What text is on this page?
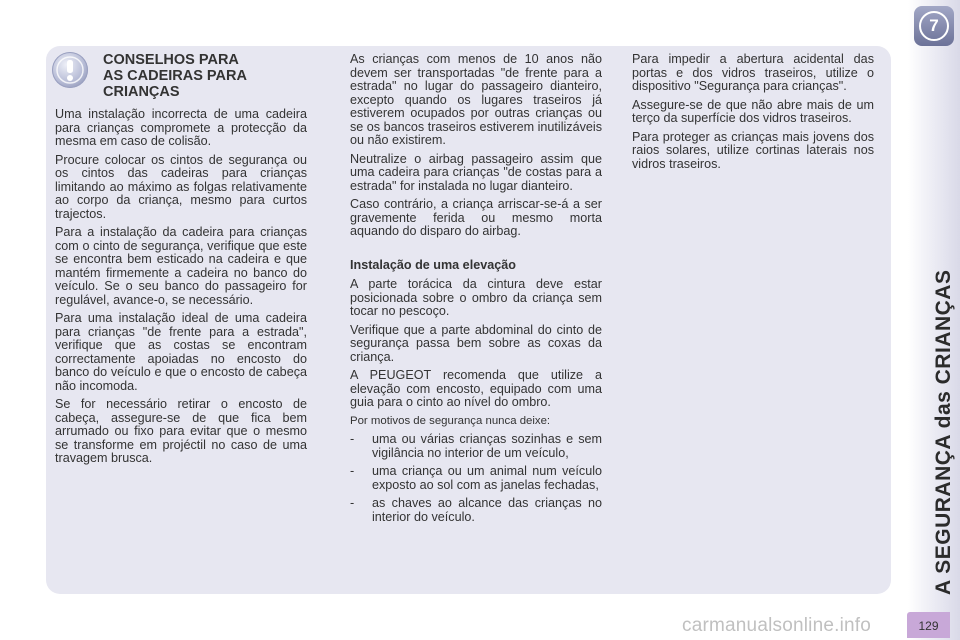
CONSELHOS PARA
AS CADEIRAS PARA
CRIANÇAS

Uma instalação incorrecta de uma cadeira para crianças compromete a protecção da mesma em caso de colisão.

Procure colocar os cintos de segurança ou os cintos das cadeiras para crianças limitando ao máximo as folgas relativamente ao corpo da criança, mesmo para curtos trajectos.

Para a instalação da cadeira para crianças com o cinto de segurança, verifique que este se encontra bem esticado na cadeira e que mantém firmemente a cadeira no banco do veículo. Se o seu banco do passageiro for regulável, avance-o, se necessário.

Para uma instalação ideal de uma cadeira para crianças "de frente para a estrada", verifique que as costas se encontram correctamente apoiadas no encosto do banco do veículo e que o encosto de cabeça não incomoda.

Se for necessário retirar o encosto de cabeça, assegure-se de que fica bem arrumado ou fixo para evitar que o mesmo se transforme em projéctil no caso de uma travagem brusca.

As crianças com menos de 10 anos não devem ser transportadas "de frente para a estrada" no lugar do passageiro dianteiro, excepto quando os lugares traseiros já estiverem ocupados por outras crianças ou se os bancos traseiros estiverem inutilizáveis ou não existirem.

Neutralize o airbag passageiro assim que uma cadeira para crianças "de costas para a estrada" for instalada no lugar dianteiro.

Caso contrário, a criança arriscar-se-á a ser gravemente ferida ou mesmo morta aquando do disparo do airbag.

Instalação de uma elevação

A parte torácica da cintura deve estar posicionada sobre o ombro da criança sem tocar no pescoço.

Verifique que a parte abdominal do cinto de segurança passa bem sobre as coxas da criança.

A PEUGEOT recomenda que utilize a elevação com encosto, equipado com uma guia para o cinto ao nível do ombro.

Por motivos de segurança nunca deixe:

- uma ou várias crianças sozinhas e sem vigilância no interior de um veículo,
- uma criança ou um animal num veículo exposto ao sol com as janelas fechadas,
- as chaves ao alcance das crianças no interior do veículo.

Para impedir a abertura acidental das portas e dos vidros traseiros, utilize o dispositivo "Segurança para crianças".

Assegure-se de que não abre mais de um terço da superfície dos vidros traseiros.

Para proteger as crianças mais jovens dos raios solares, utilize cortinas laterais nos vidros traseiros.

7
A SEGURANÇA das CRIANÇAS
carmanualsonline.info	129
